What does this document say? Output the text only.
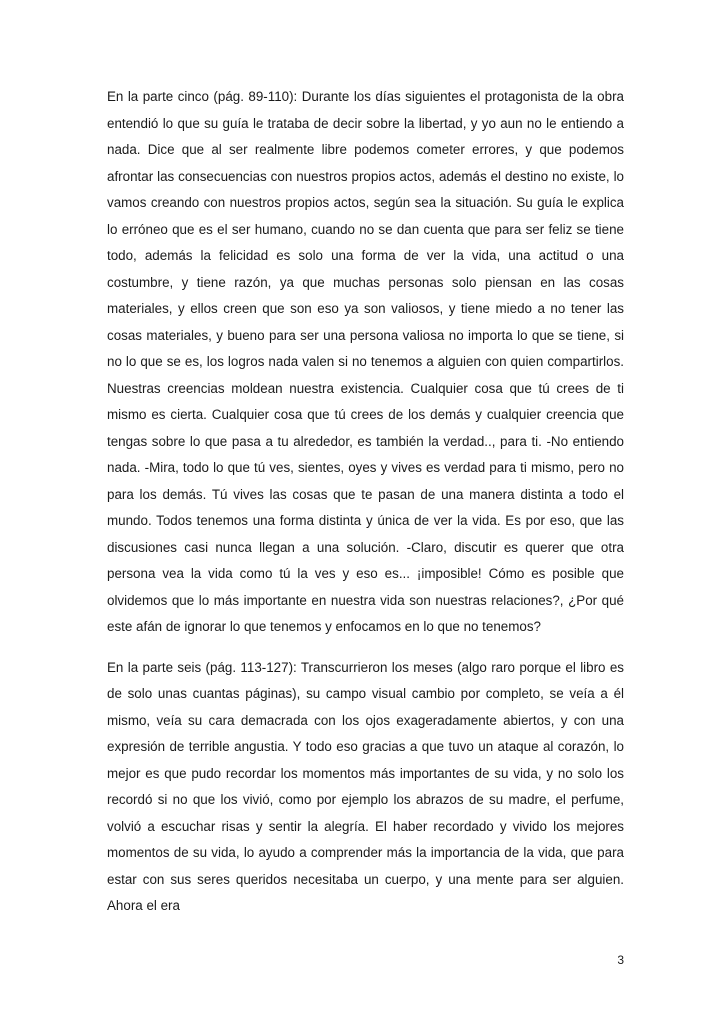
En la parte cinco (pág. 89-110): Durante los días siguientes el protagonista de la obra entendió lo que su guía le trataba de decir sobre la libertad, y yo aun no le entiendo a nada. Dice que al ser realmente libre podemos cometer errores, y que podemos afrontar las consecuencias con nuestros propios actos, además el destino no existe, lo vamos creando con nuestros propios actos, según sea la situación. Su guía le explica lo erróneo que es el ser humano, cuando no se dan cuenta que para ser feliz se tiene todo, además la felicidad es solo una forma de ver la vida, una actitud o una costumbre, y tiene razón, ya que muchas personas solo piensan en las cosas materiales, y ellos creen que son eso ya son valiosos, y tiene miedo a no tener las cosas materiales, y bueno para ser una persona valiosa no importa lo que se tiene, si no lo que se es, los logros nada valen si no tenemos a alguien con quien compartirlos. Nuestras creencias moldean nuestra existencia. Cualquier cosa que tú crees de ti mismo es cierta. Cualquier cosa que tú crees de los demás y cualquier creencia que tengas sobre lo que pasa a tu alrededor, es también la verdad.., para ti. -No entiendo nada. -Mira, todo lo que tú ves, sientes, oyes y vives es verdad para ti mismo, pero no para los demás. Tú vives las cosas que te pasan de una manera distinta a todo el mundo. Todos tenemos una forma distinta y única de ver la vida. Es por eso, que las discusiones casi nunca llegan a una solución. -Claro, discutir es querer que otra persona vea la vida como tú la ves y eso es... ¡imposible! Cómo es posible que olvidemos que lo más importante en nuestra vida son nuestras relaciones?, ¿Por qué este afán de ignorar lo que tenemos y enfocamos en lo que no tenemos?

En la parte seis (pág. 113-127): Transcurrieron los meses (algo raro porque el libro es de solo unas cuantas páginas), su campo visual cambio por completo, se veía a él mismo, veía su cara demacrada con los ojos exageradamente abiertos, y con una expresión de terrible angustia. Y todo eso gracias a que tuvo un ataque al corazón, lo mejor es que pudo recordar los momentos más importantes de su vida, y no solo los recordó si no que los vivió, como por ejemplo los abrazos de su madre, el perfume, volvió a escuchar risas y sentir la alegría. El haber recordado y vivido los mejores momentos de su vida, lo ayudo a comprender más la importancia de la vida, que para estar con sus seres queridos necesitaba un cuerpo, y una mente para ser alguien. Ahora el era

3
